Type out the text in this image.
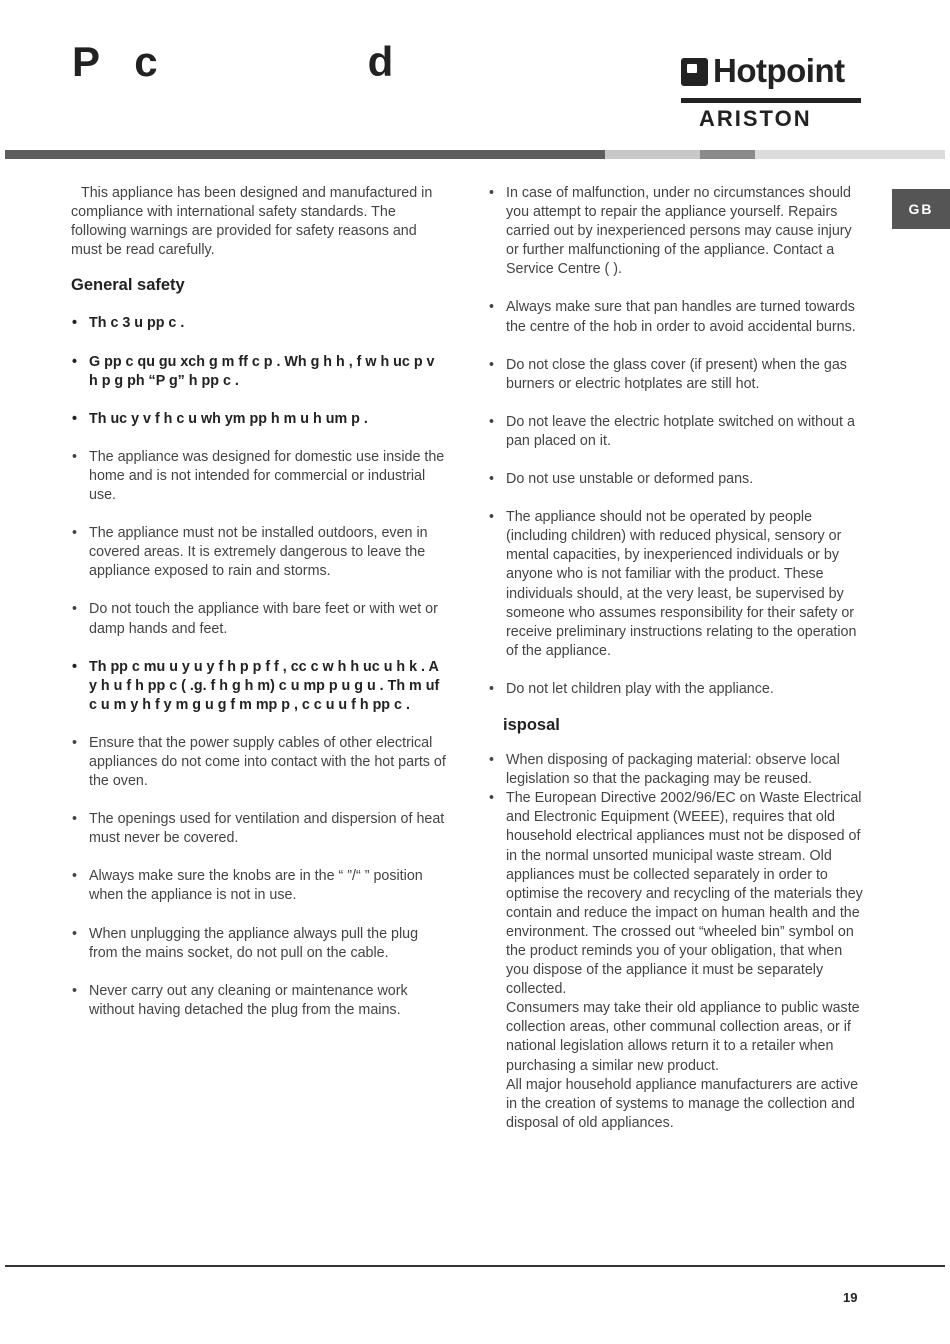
P   c                  d	Hotpoint
ARISTON
GB

This appliance has been designed and manufactured in compliance with international safety standards. The following warnings are provided for safety reasons and must be read carefully.

General safety

• Th c 3 u pp c .

• G pp c qu gu xch g m ff c p . Wh g h h , f w h uc p v h p g ph “P g” h pp c .

• Th uc y v f h c u wh ym pp h m u h um p .

• The appliance was designed for domestic use inside the home and is not intended for commercial or industrial use.

• The appliance must not be installed outdoors, even in covered areas. It is extremely dangerous to leave the appliance exposed to rain and storms.

• Do not touch the appliance with bare feet or with wet or damp hands and feet.

• Th pp c mu u y u y f h p p f f , cc c w h h uc u h k . A y h u f h pp c ( .g. f h g h m) c u mp p u g u . Th m uf c u m y h f y m g u g f m mp p , c c u u f h pp c .

• Ensure that the power supply cables of other electrical appliances do not come into contact with the hot parts of the oven.

• The openings used for ventilation and dispersion of heat must never be covered.

• Always make sure the knobs are in the “ ”/“ ” position when the appliance is not in use.

• When unplugging the appliance always pull the plug from the mains socket, do not pull on the cable.

• Never carry out any cleaning or maintenance work without having detached the plug from the mains.

• In case of malfunction, under no circumstances should you attempt to repair the appliance yourself. Repairs carried out by inexperienced persons may cause injury or further malfunctioning of the appliance. Contact a Service Centre ( ).

• Always make sure that pan handles are turned towards the centre of the hob in order to avoid accidental burns.

• Do not close the glass cover (if present) when the gas burners or electric hotplates are still hot.

• Do not leave the electric hotplate switched on without a pan placed on it.

• Do not use unstable or deformed pans.

• The appliance should not be operated by people (including children) with reduced physical, sensory or mental capacities, by inexperienced individuals or by anyone who is not familiar with the product. These individuals should, at the very least, be supervised by someone who assumes responsibility for their safety or receive preliminary instructions relating to the operation of the appliance.

• Do not let children play with the appliance.

isposal

• When disposing of packaging material: observe local legislation so that the packaging may be reused.

• The European Directive 2002/96/EC on Waste Electrical and Electronic Equipment (WEEE), requires that old household electrical appliances must not be disposed of in the normal unsorted municipal waste stream. Old appliances must be collected separately in order to optimise the recovery and recycling of the materials they contain and reduce the impact on human health and the environment. The crossed out “wheeled bin” symbol on the product reminds you of your obligation, that when you dispose of the appliance it must be separately collected.

Consumers may take their old appliance to public waste collection areas, other communal collection areas, or if national legislation allows return it to a retailer when purchasing a similar new product.

All major household appliance manufacturers are active in the creation of systems to manage the collection and disposal of old appliances.

19
